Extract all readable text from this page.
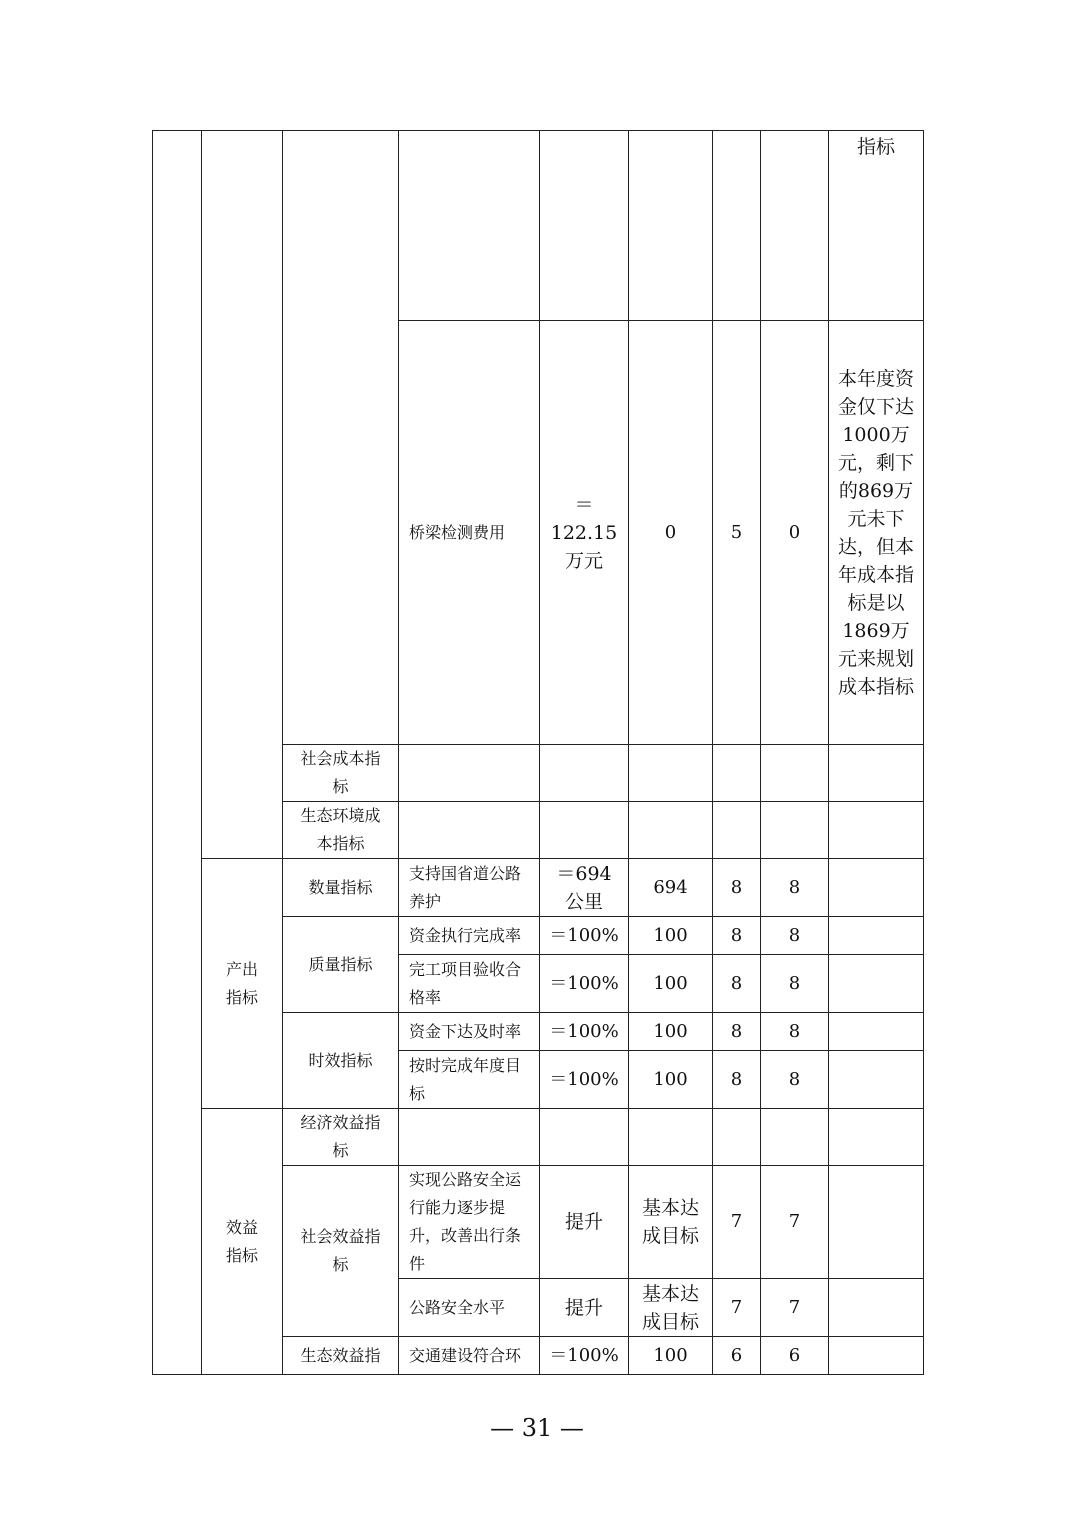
								指标
			桥梁检测费用	＝ 122.15 万元	0	5	0	本年度资金仅下达1000万元，剩下的869万元未下达，但本年成本指标是以1869万元来规划成本指标
		社会成本指标						
		生态环境成本指标						
	产出指标	数量指标	支持国省道公路养护	＝694 公里	694	8	8	
		质量指标	资金执行完成率	＝100%	100	8	8	
			完工项目验收合格率	＝100%	100	8	8	
		时效指标	资金下达及时率	＝100%	100	8	8	
			按时完成年度目标	＝100%	100	8	8	
	效益指标	经济效益指标						
		社会效益指标	实现公路安全运行能力逐步提升，改善出行条件	提升	基本达成目标	7	7	
			公路安全水平	提升	基本达成目标	7	7	
		生态效益指	交通建设符合环	＝100%	100	6	6	
— 31 —
